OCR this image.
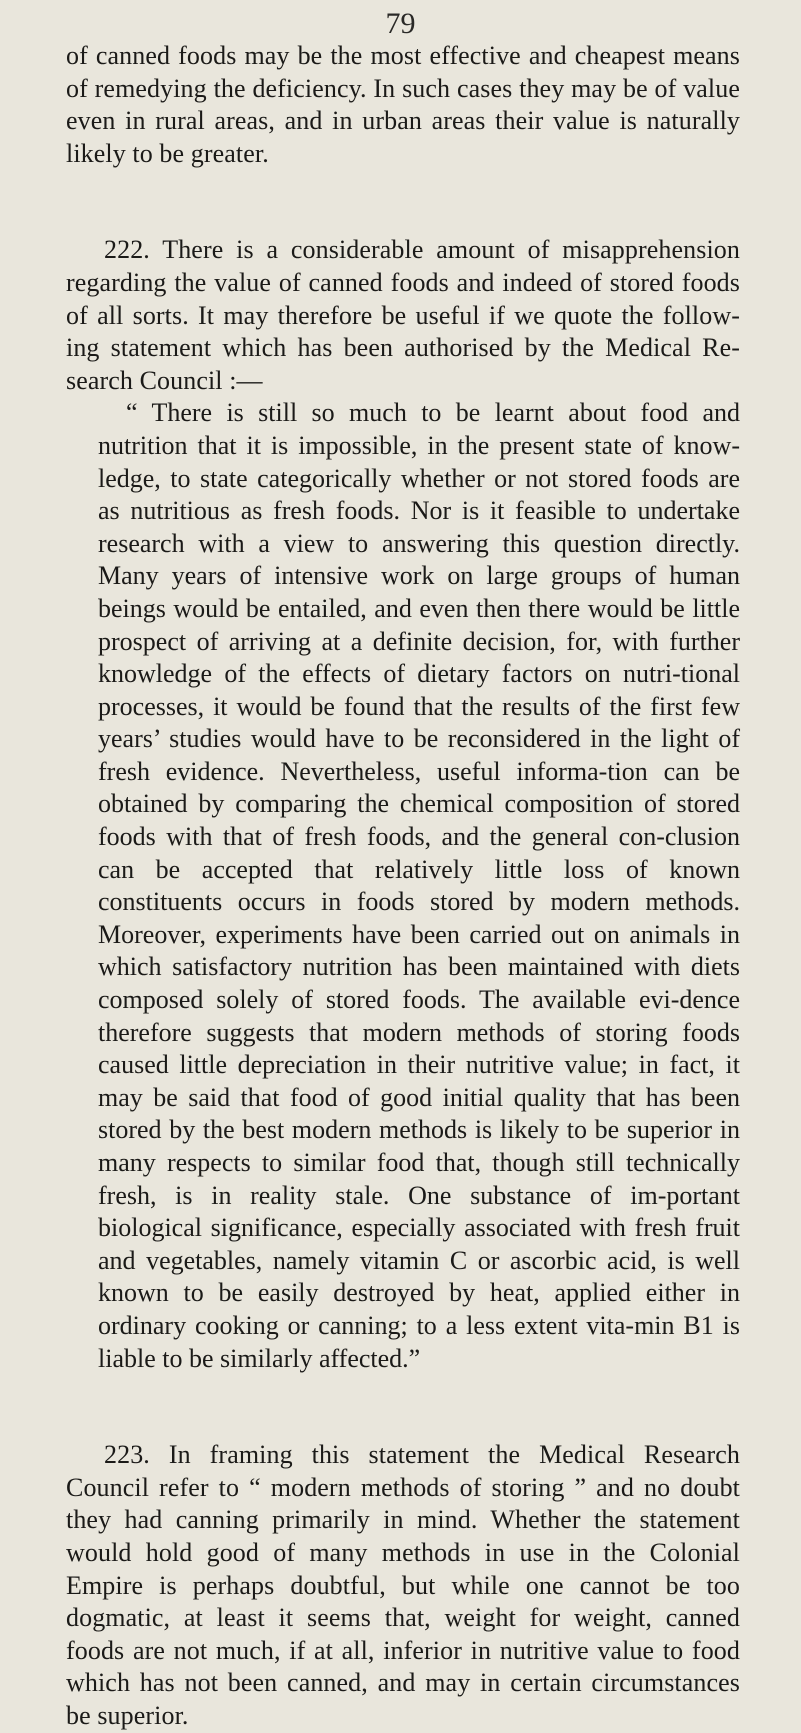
79

of canned foods may be the most effective and cheapest means of remedying the deficiency. In such cases they may be of value even in rural areas, and in urban areas their value is naturally likely to be greater.

222. There is a considerable amount of misapprehension regarding the value of canned foods and indeed of stored foods of all sorts. It may therefore be useful if we quote the follow-ing statement which has been authorised by the Medical Re-search Council :—

“ There is still so much to be learnt about food and nutrition that it is impossible, in the present state of know-ledge, to state categorically whether or not stored foods are as nutritious as fresh foods. Nor is it feasible to undertake research with a view to answering this question directly. Many years of intensive work on large groups of human beings would be entailed, and even then there would be little prospect of arriving at a definite decision, for, with further knowledge of the effects of dietary factors on nutri-tional processes, it would be found that the results of the first few years’ studies would have to be reconsidered in the light of fresh evidence. Nevertheless, useful informa-tion can be obtained by comparing the chemical composition of stored foods with that of fresh foods, and the general con-clusion can be accepted that relatively little loss of known constituents occurs in foods stored by modern methods. Moreover, experiments have been carried out on animals in which satisfactory nutrition has been maintained with diets composed solely of stored foods. The available evi-dence therefore suggests that modern methods of storing foods caused little depreciation in their nutritive value; in fact, it may be said that food of good initial quality that has been stored by the best modern methods is likely to be superior in many respects to similar food that, though still technically fresh, is in reality stale. One substance of im-portant biological significance, especially associated with fresh fruit and vegetables, namely vitamin C or ascorbic acid, is well known to be easily destroyed by heat, applied either in ordinary cooking or canning; to a less extent vita-min B1 is liable to be similarly affected.”

223. In framing this statement the Medical Research Council refer to “ modern methods of storing ” and no doubt they had canning primarily in mind. Whether the statement would hold good of many methods in use in the Colonial Empire is perhaps doubtful, but while one cannot be too dogmatic, at least it seems that, weight for weight, canned foods are not much, if at all, inferior in nutritive value to food which has not been canned, and may in certain circumstances be superior.
